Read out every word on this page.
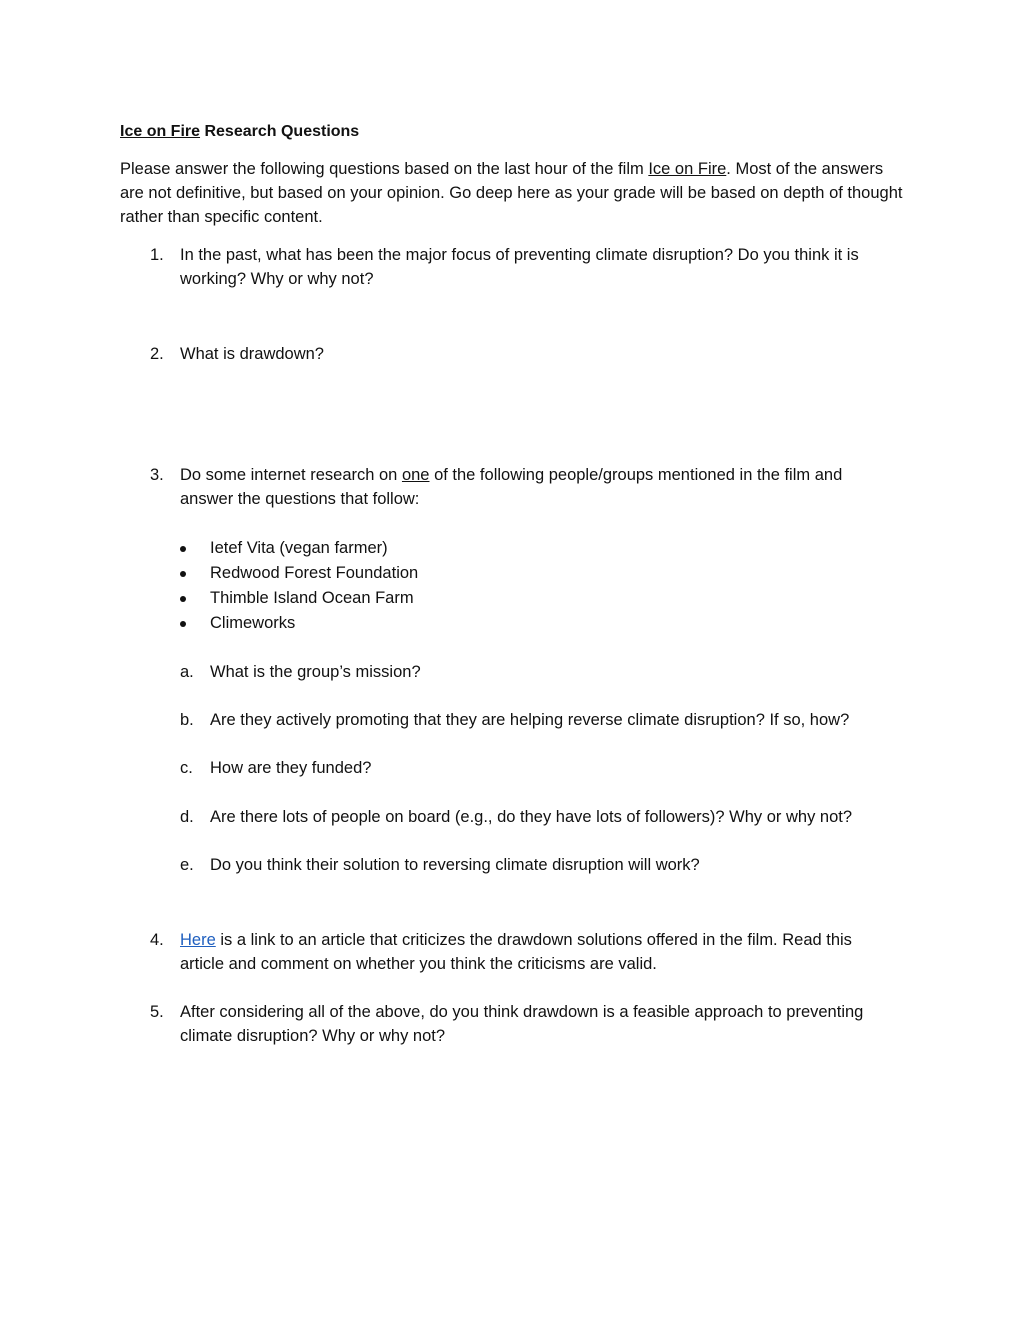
Ice on Fire Research Questions
Please answer the following questions based on the last hour of the film Ice on Fire. Most of the answers are not definitive, but based on your opinion. Go deep here as your grade will be based on depth of thought rather than specific content.
1. In the past, what has been the major focus of preventing climate disruption? Do you think it is working? Why or why not?
2. What is drawdown?
3. Do some internet research on one of the following people/groups mentioned in the film and answer the questions that follow:
Ietef Vita (vegan farmer)
Redwood Forest Foundation
Thimble Island Ocean Farm
Climeworks
a. What is the group’s mission?
b. Are they actively promoting that they are helping reverse climate disruption? If so, how?
c. How are they funded?
d. Are there lots of people on board (e.g., do they have lots of followers)? Why or why not?
e. Do you think their solution to reversing climate disruption will work?
4. Here is a link to an article that criticizes the drawdown solutions offered in the film. Read this article and comment on whether you think the criticisms are valid.
5. After considering all of the above, do you think drawdown is a feasible approach to preventing climate disruption? Why or why not?
